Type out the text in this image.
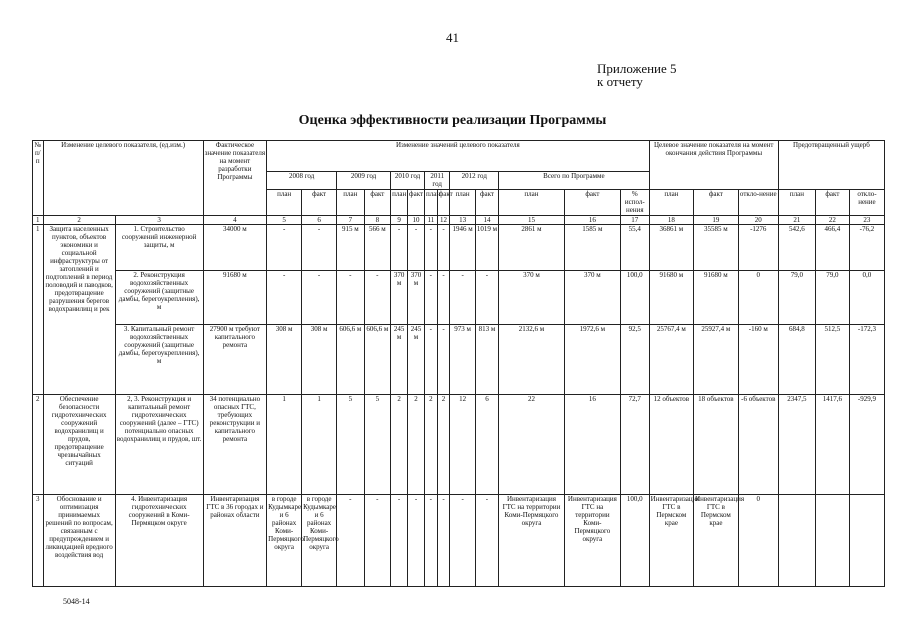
41
Приложение 5
к отчету
Оценка эффективности реализации Программы
№ п/п	Изменение целевого показателя, (ед.изм.)		Фактическое значение показателя на момент разработки Программы	Изменение значений целевого показателя													Целевое значение показателя на момент окончания действия Программы			Предотвращенный ущерб		
				2008 год		2009 год		2010 год		2011 год		2012 год		Всего по Программе								
				план	факт	план	факт	план	факт	план	факт	план	факт	план	факт	% испол-нения	план	факт	откло-нение	план	факт	откло-нение
1	2	3	4	5	6	7	8	9	10	11	12	13	14	15	16	17	18	19	20	21	22	23
1	Защита населенных пунктов, объектов экономики и социальной инфраструктуры от затоплений и подтоплений в период половодий и паводков, предотвращение разрушения берегов водохранилищ и рек	1. Строительство сооружений инженерной защиты, м	34000 м	-	-	915 м	566 м	-	-	-	-	1946 м	1019 м	2861 м	1585 м	55,4	36861 м	35585 м	-1276	542,6	466,4	-76,2
		2. Реконструкция водохозяйственных сооружений (защитные дамбы, берегоукрепления), м	91680 м	-	-	-	-	370 м	370 м	-	-	-	-	370 м	370 м	100,0	91680 м	91680 м	0	79,0	79,0	0,0
		3. Капитальный ремонт водохозяйственных сооружений (защитные дамбы, берегоукрепления), м	27900 м требуют капитального ремонта	308 м	308 м	606,6 м	606,6 м	245 м	245 м	-	-	973 м	813 м	2132,6 м	1972,6 м	92,5	25767,4 м	25927,4 м	-160 м	684,8	512,5	-172,3
2	Обеспечение безопасности гидротехнических сооружений водохранилищ и прудов, предотвращение чрезвычайных ситуаций	2, 3. Реконструкция и капитальный ремонт гидротехнических сооружений (далее – ГТС) потенциально опасных водохранилищ и прудов, шт.	34 потенциально опасных ГТС, требующих реконструкции и капитального ремонта	1	1	5	5	2	2	2	2	12	6	22	16	72,7	12 объектов	18 объектов	-6 объектов	2347,5	1417,6	-929,9
3	Обоснование и оптимизация принимаемых решений по вопросам, связанным с предупреждением и ликвидацией вредного воздействия вод	4. Инвентаризация гидротехнических сооружений в Коми-Пермяцком округе	Инвентаризация ГТС в 36 городах и районах области	в городе Кудымкаре и 6 районах Коми-Пермяцкого округа	в городе Кудымкаре и 6 районах Коми-Пермяцкого округа	-	-	-	-	-	-	-	-	Инвентаризация ГТС на территории Коми-Пермяцкого округа	Инвентаризация ГТС на территории Коми-Пермяцкого округа	100,0	Инвентаризация ГТС в Пермском крае	Инвентаризация ГТС в Пермском крае	0			
5048-14
